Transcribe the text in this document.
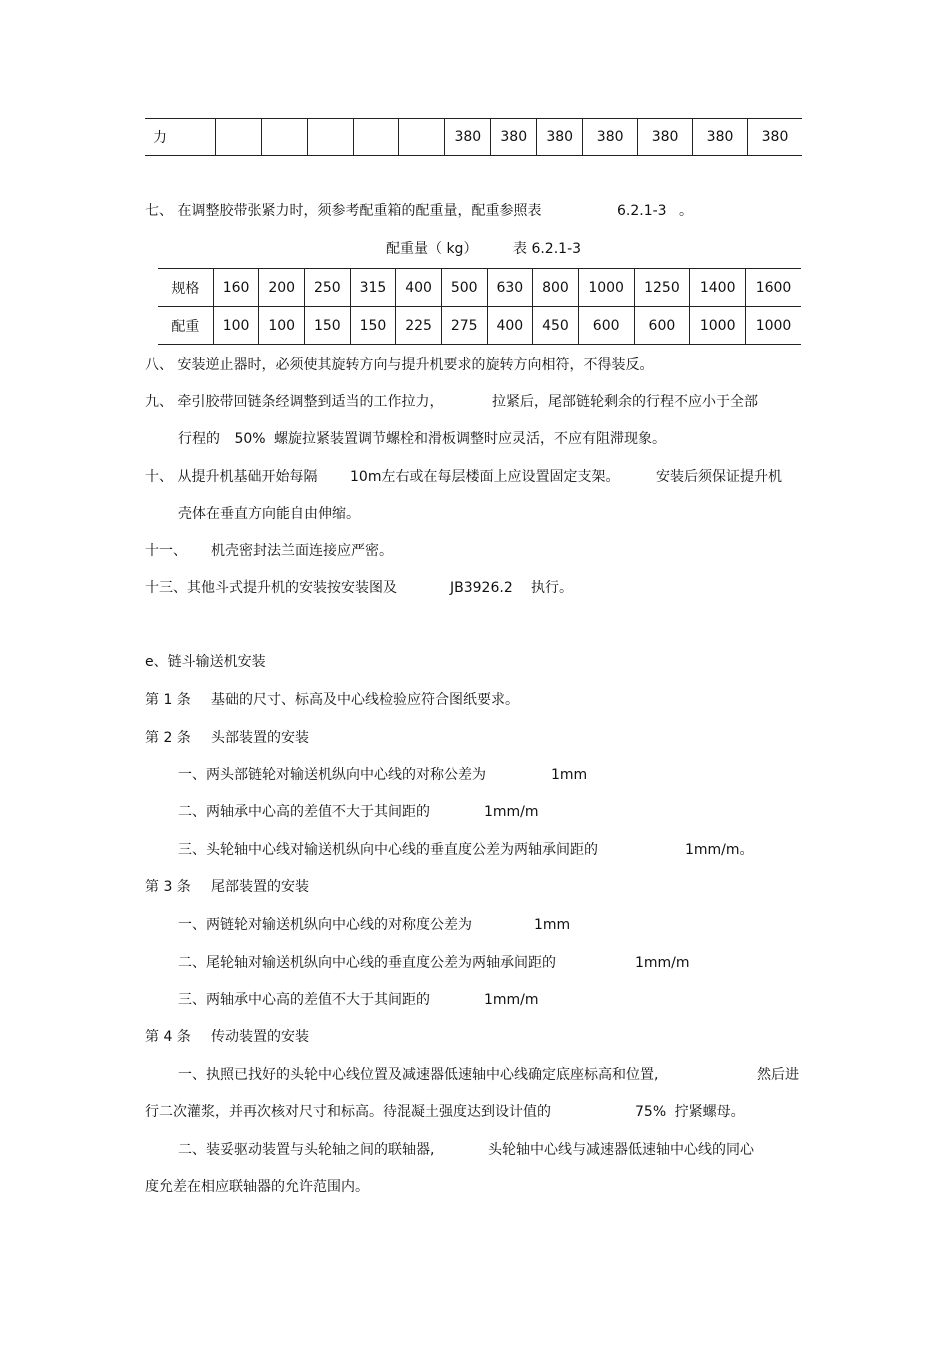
力						380	380	380	380	380	380	380
七、 在调整胶带张紧力时，须参考配重箱的配重量，配重参照表	6.2.1-3 。
配重量（ kg）	表 6.2.1-3
规格	160	200	250	315	400	500	630	800	1000	1250	1400	1600
配重	100	100	150	150	225	275	400	450	600	600	1000	1000
八、 安装逆止器时，必须使其旋转方向与提升机要求的旋转方向相符，不得装反。
九、 牵引胶带回链条经调整到适当的工作拉力，	拉紧后，尾部链轮剩余的行程不应小于全部
行程的 50% 螺旋拉紧装置调节螺栓和滑板调整时应灵活，不应有阻滞现象。
十、 从提升机基础开始每隔 10m左右或在每层楼面上应设置固定支架。	安装后须保证提升机
壳体在垂直方向能自由伸缩。
十一、 机壳密封法兰面连接应严密。
十三、其他斗式提升机的安装按安装图及	JB3926.2 执行。
e、链斗输送机安装
第 1 条 基础的尺寸、标高及中心线检验应符合图纸要求。
第 2 条 头部装置的安装
一、两头部链轮对输送机纵向中心线的对称公差为	1mm
二、两轴承中心高的差值不大于其间距的	1mm/m
三、头轮轴中心线对输送机纵向中心线的垂直度公差为两轴承间距的	1mm/m。
第 3 条 尾部装置的安装
一、两链轮对输送机纵向中心线的对称度公差为	1mm
二、尾轮轴对输送机纵向中心线的垂直度公差为两轴承间距的	1mm/m
三、两轴承中心高的差值不大于其间距的	1mm/m
第 4 条 传动装置的安装
一、执照已找好的头轮中心线位置及减速器低速轴中心线确定底座标高和位置,	然后进
行二次灌浆，并再次核对尺寸和标高。待混凝土强度达到设计值的	75% 拧紧螺母。
二、装妥驱动装置与头轮轴之间的联轴器,	头轮轴中心线与减速器低速轴中心线的同心
度允差在相应联轴器的允许范围内。
